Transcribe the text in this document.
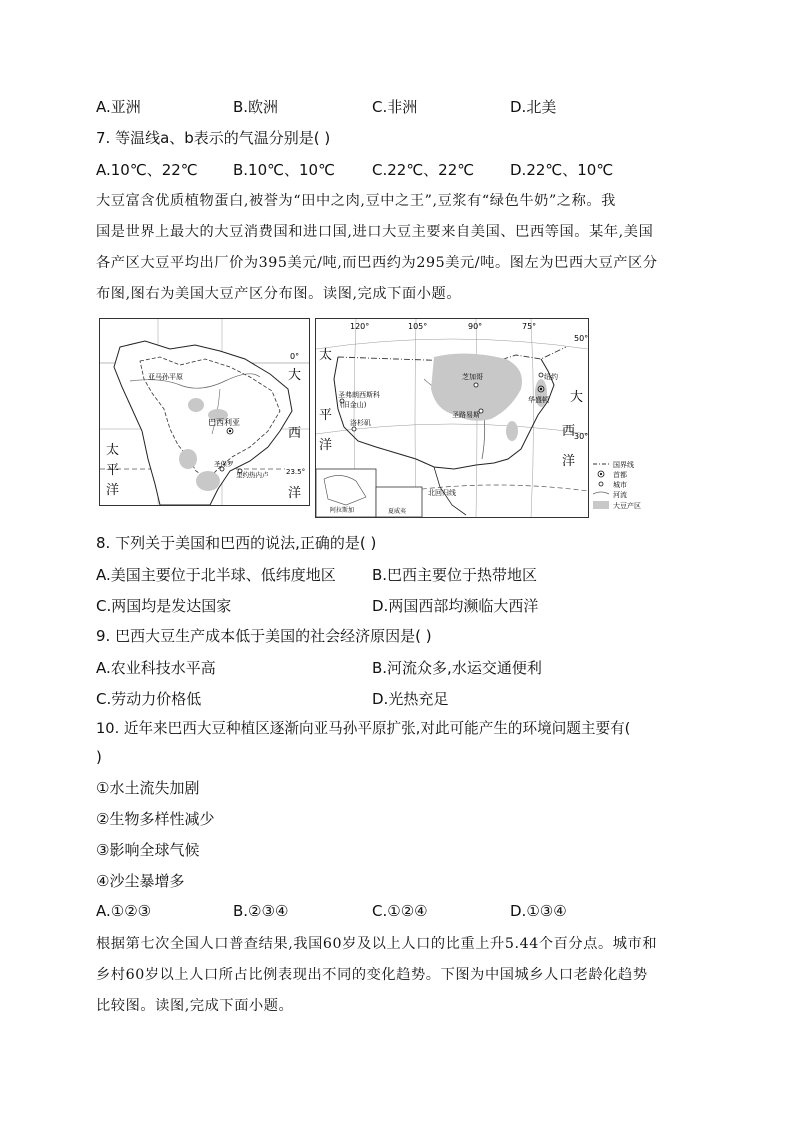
A.亚洲	B.欧洲	C.非洲	D.北美
7. 等温线a、b表示的气温分别是( )
A.10℃、22℃ B.10℃、10℃ C.22℃、22℃ D.22℃、10℃
大豆富含优质植物蛋白,被誉为“田中之肉,豆中之王”,豆浆有“绿色牛奶”之称。我
国是世界上最大的大豆消费国和进口国,进口大豆主要来自美国、巴西等国。某年,美国
各产区大豆平均出厂价为395美元/吨,而巴西约为295美元/吨。图左为巴西大豆产区分
布图,图右为美国大豆产区分布图。读图,完成下面小题。
0°
亚马孙平原
巴西利亚
圣保罗
里约热内卢	23.5°
大
西
洋
太
平
洋
120°	105°	90°	75°
50°
30°
太
平
洋
大
西
洋
芝加哥	纽约
华盛顿
圣路易斯
圣弗朗西斯科
(旧金山)
洛杉矶
北回归线
阿拉斯加	夏威夷
国界线
首都
城市
河流
大豆产区
8. 下列关于美国和巴西的说法,正确的是( )
A.美国主要位于北半球、低纬度地区 B.巴西主要位于热带地区
C.两国均是发达国家	D.两国西部均濒临大西洋
9. 巴西大豆生产成本低于美国的社会经济原因是( )
A.农业科技水平高	B.河流众多,水运交通便利
C.劳动力价格低	D.光热充足
10. 近年来巴西大豆种植区逐渐向亚马孙平原扩张,对此可能产生的环境问题主要有(
)
①水土流失加剧
②生物多样性减少
③影响全球气候
④沙尘暴增多
A.①②③	B.②③④	C.①②④	D.①③④
根据第七次全国人口普查结果,我国60岁及以上人口的比重上升5.44个百分点。城市和
乡村60岁以上人口所占比例表现出不同的变化趋势。下图为中国城乡人口老龄化趋势
比较图。读图,完成下面小题。
